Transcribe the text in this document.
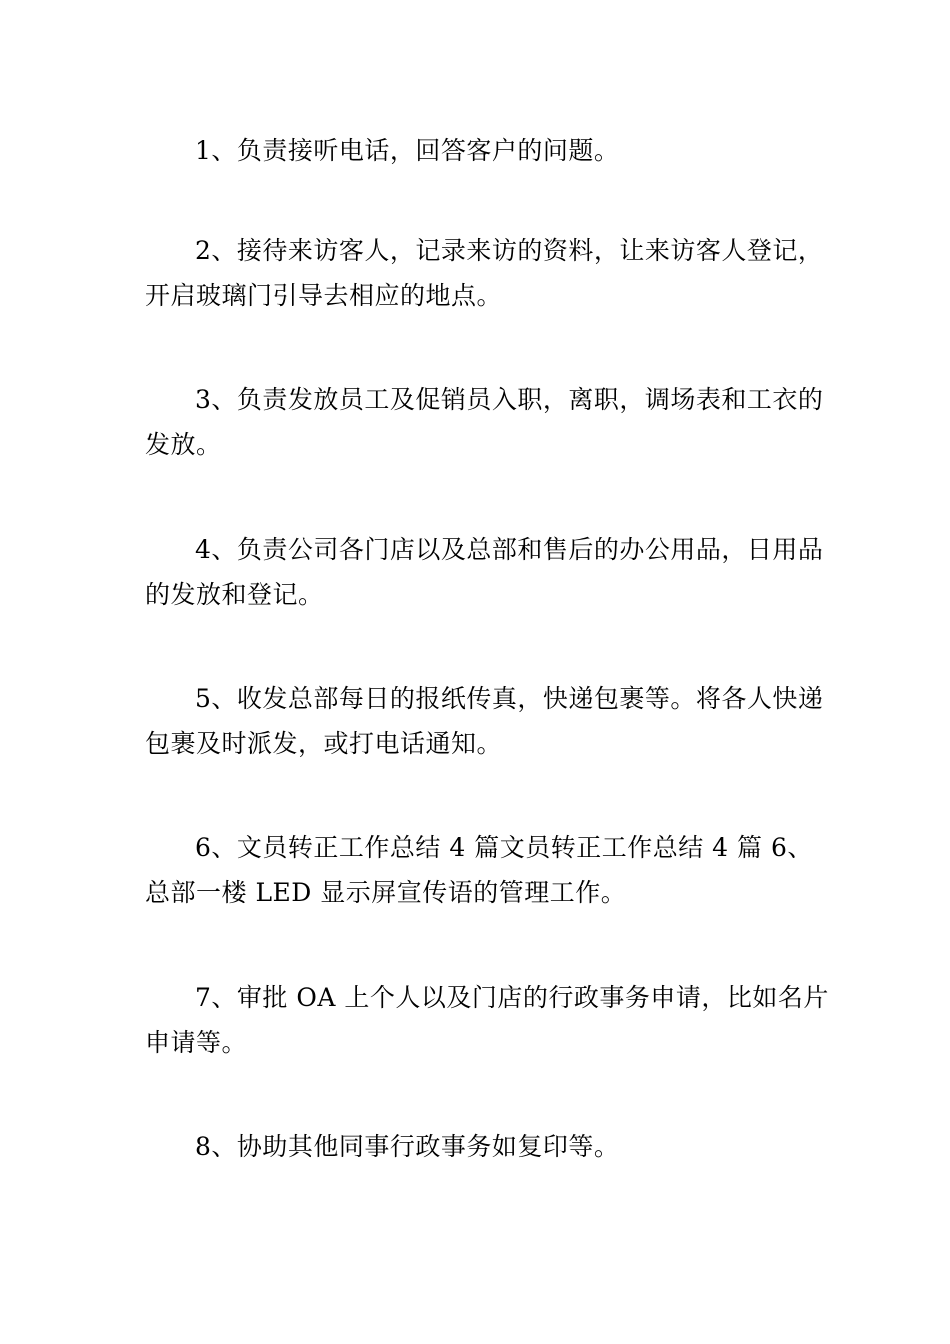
1、负责接听电话，回答客户的问题。

2、接待来访客人，记录来访的资料，让来访客人登记，开启玻璃门引导去相应的地点。

3、负责发放员工及促销员入职，离职，调场表和工衣的发放。

4、负责公司各门店以及总部和售后的办公用品，日用品的发放和登记。

5、收发总部每日的报纸传真，快递包裹等。将各人快递包裹及时派发，或打电话通知。

6、文员转正工作总结 4 篇文员转正工作总结 4 篇 6、总部一楼 LED 显示屏宣传语的管理工作。

7、审批 OA 上个人以及门店的行政事务申请，比如名片申请等。

8、协助其他同事行政事务如复印等。
